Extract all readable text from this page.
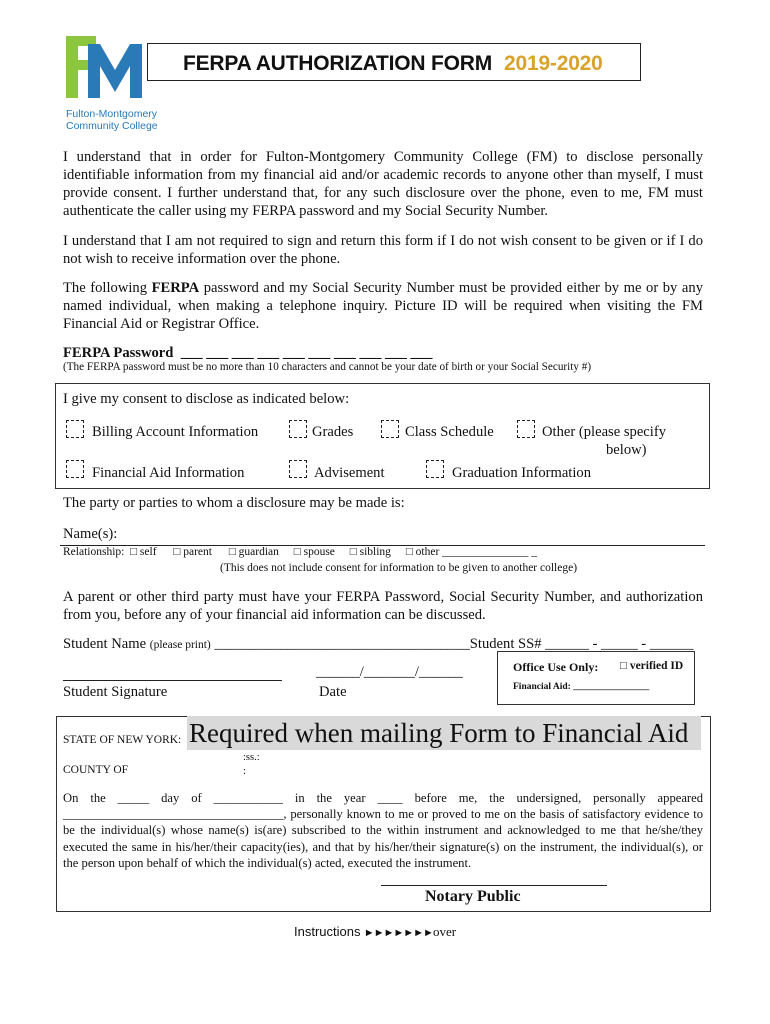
Fulton-Montgomery
Community College
FERPA AUTHORIZATION FORM 2019-2020
I understand that in order for Fulton-Montgomery Community College (FM) to disclose personally identifiable information from my financial aid and/or academic records to anyone other than myself, I must provide consent. I further understand that, for any such disclosure over the phone, even to me, FM must authenticate the caller using my FERPA password and my Social Security Number.
I understand that I am not required to sign and return this form if I do not wish consent to be given or if I do not wish to receive information over the phone.
The following FERPA password and my Social Security Number must be provided either by me or by any named individual, when making a telephone inquiry. Picture ID will be required when visiting the FM Financial Aid or Registrar Office.
FERPA Password ___ ___ ___ ___ ___ ___ ___ ___ ___ ___
(The FERPA password must be no more than 10 characters and cannot be your date of birth or your Social Security #)
I give my consent to disclose as indicated below:
Billing Account Information	Grades	Class Schedule	Other (please specify
below)
Financial Aid Information	Advisement	Graduation Information
The party or parties to whom a disclosure may be made is:
Name(s):
Relationship:  □ self □ parent □ guardian □ spouse □ sibling □ other _______________ _
(This does not include consent for information to be given to another college)
A parent or other third party must have your FERPA Password, Social Security Number, and authorization from you, before any of your financial aid information can be discussed.
Student Name (please print) ___________________________________Student SS# ______ - _____ - ______
Student Signature
______/_______/______
Date
Office Use Only: □ verified ID
Financial Aid: ________________
STATE OF NEW YORK: Required when mailing Form to Financial Aid
:ss.:
:
COUNTY OF
On the _____ day of ___________ in the year ____ before me, the undersigned, personally appeared ___________________________________, personally known to me or proved to me on the basis of satisfactory evidence to be the individual(s) whose name(s) is(are) subscribed to the within instrument and acknowledged to me that he/she/they executed the same in his/her/their capacity(ies), and that by his/her/their signature(s) on the instrument, the individual(s), or the person upon behalf of which the individual(s) acted, executed the instrument.
Notary Public
Instructions ►►►►►►►over
